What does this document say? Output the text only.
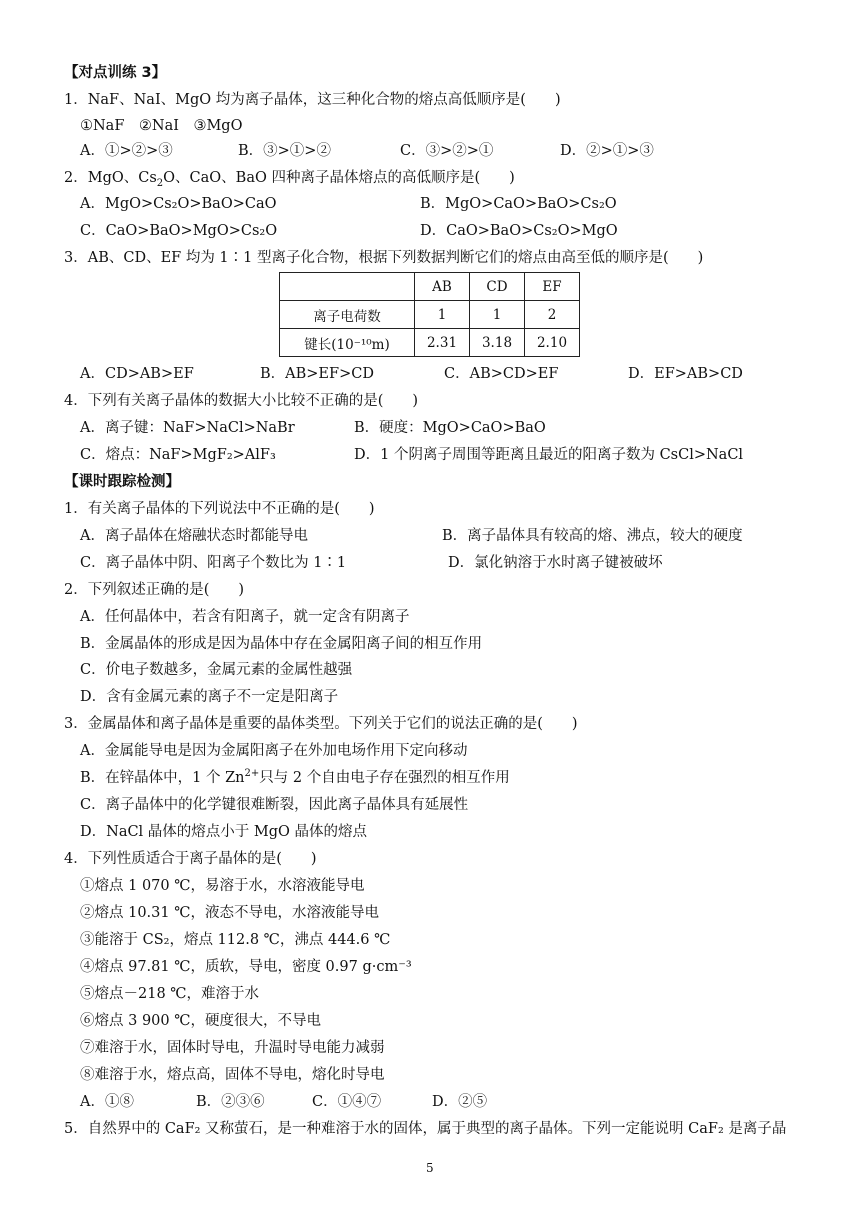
【对点训练 3】
1．NaF、NaI、MgO 均为离子晶体，这三种化合物的熔点高低顺序是(　　)
①NaF　②NaI　③MgO
A．①>②>③	B．③>①>②	C．③>②>①	D．②>①>③
2．MgO、$Cs_2O$、CaO、BaO 四种离子晶体熔点的高低顺序是(　　)
A．MgO>Cs₂O>BaO>CaO	B．MgO>CaO>BaO>Cs₂O
C．CaO>BaO>MgO>Cs₂O	D．CaO>BaO>Cs₂O>MgO
3．AB、CD、EF 均为 1∶1 型离子化合物，根据下列数据判断它们的熔点由高至低的顺序是(　　)
	AB	CD	EF
离子电荷数	1	1	2
键长(10⁻¹⁰m)	2.31	3.18	2.10
A．CD>AB>EF	B．AB>EF>CD	C．AB>CD>EF	D．EF>AB>CD
4．下列有关离子晶体的数据大小比较不正确的是(　　)
A．离子键：NaF>NaCl>NaBr	B．硬度：MgO>CaO>BaO
C．熔点：NaF>MgF₂>AlF₃	D．1 个阴离子周围等距离且最近的阳离子数为 CsCl>NaCl
【课时跟踪检测】
1．有关离子晶体的下列说法中不正确的是(　　)
A．离子晶体在熔融状态时都能导电	B．离子晶体具有较高的熔、沸点，较大的硬度
C．离子晶体中阴、阳离子个数比为 1∶1	D．氯化钠溶于水时离子键被破坏
2．下列叙述正确的是(　　)
A．任何晶体中，若含有阳离子，就一定含有阴离子
B．金属晶体的形成是因为晶体中存在金属阳离子间的相互作用
C．价电子数越多，金属元素的金属性越强
D．含有金属元素的离子不一定是阳离子
3．金属晶体和离子晶体是重要的晶体类型。下列关于它们的说法正确的是(　　)
A．金属能导电是因为金属阳离子在外加电场作用下定向移动
B．在锌晶体中，1 个 $Zn^{2+}$只与 2 个自由电子存在强烈的相互作用
C．离子晶体中的化学键很难断裂，因此离子晶体具有延展性
D．NaCl 晶体的熔点小于 MgO 晶体的熔点
4．下列性质适合于离子晶体的是(　　)
①熔点 1 070 ℃，易溶于水，水溶液能导电
②熔点 10.31 ℃，液态不导电，水溶液能导电
③能溶于 CS₂，熔点 112.8 ℃，沸点 444.6 ℃
④熔点 97.81 ℃，质软，导电，密度 0.97 g·cm⁻³
⑤熔点－218 ℃，难溶于水
⑥熔点 3 900 ℃，硬度很大，不导电
⑦难溶于水，固体时导电，升温时导电能力减弱
⑧难溶于水，熔点高，固体不导电，熔化时导电
A．①⑧	B．②③⑥	C．①④⑦	D．②⑤
5．自然界中的 CaF₂ 又称萤石，是一种难溶于水的固体，属于典型的离子晶体。下列一定能说明 CaF₂ 是离子晶
5
